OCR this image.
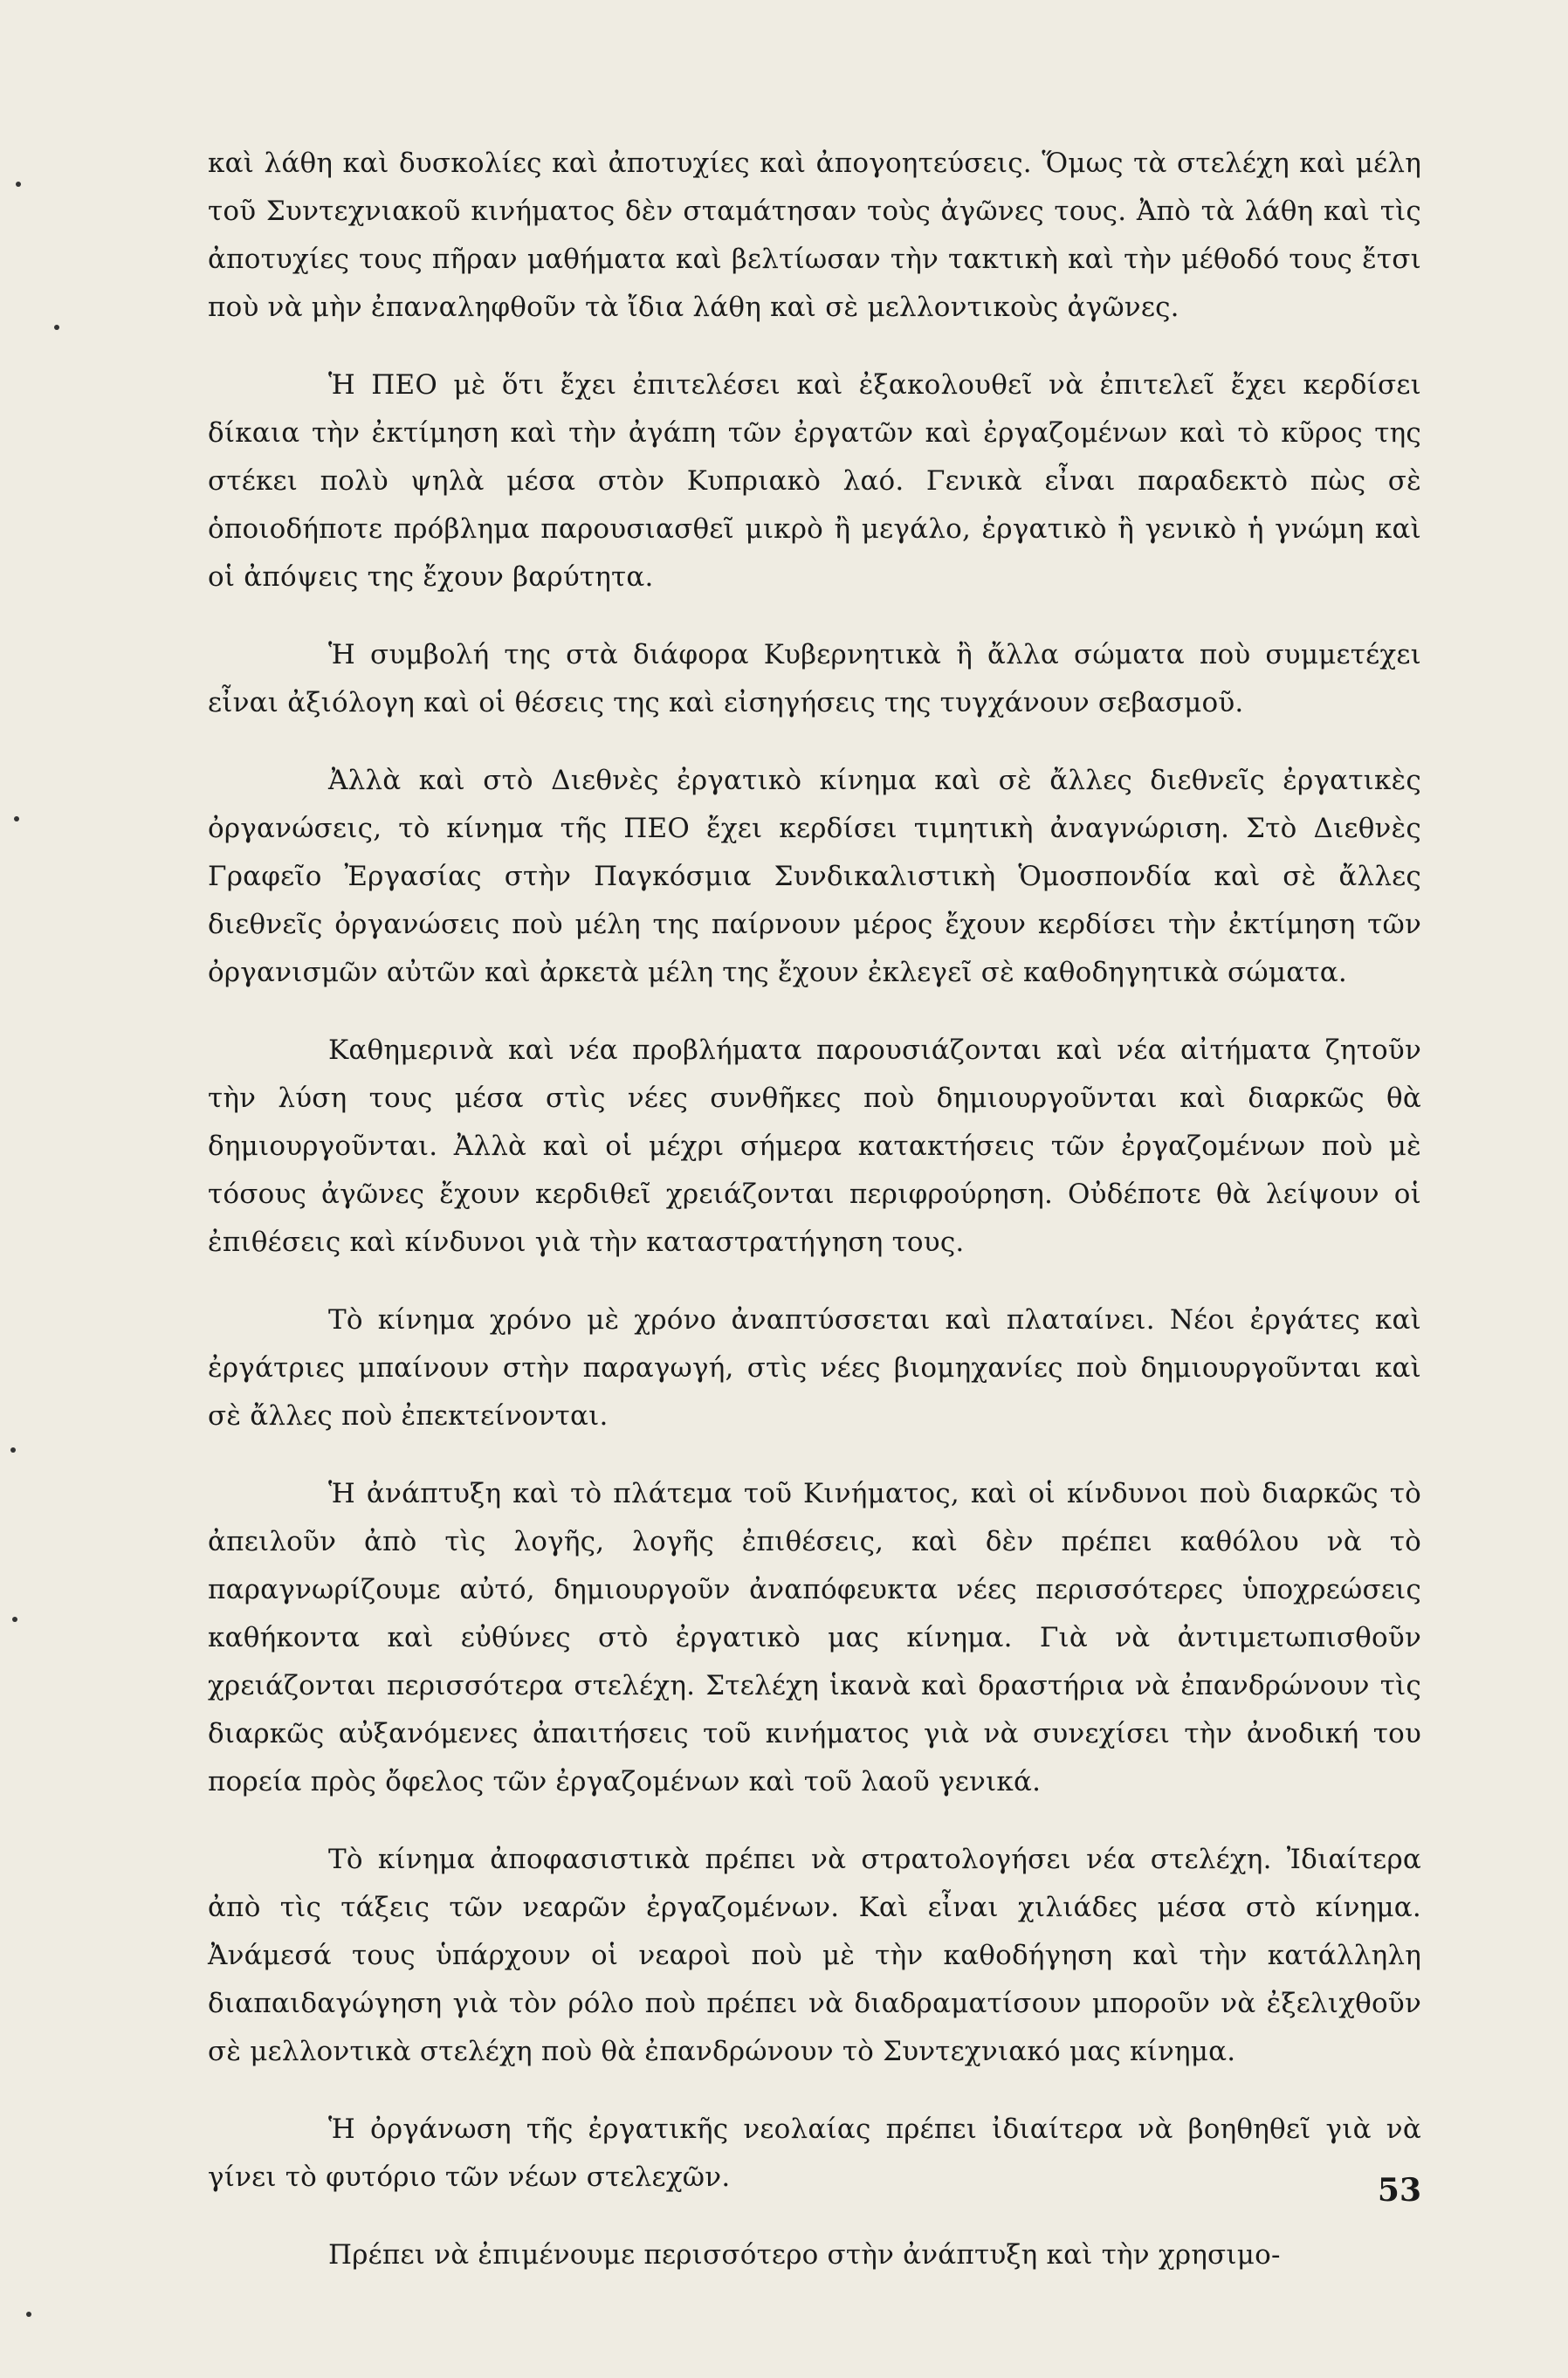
καὶ λάθη καὶ δυσκολίες καὶ ἀποτυχίες καὶ ἀπογοητεύσεις. Ὅμως τὰ στελέχη καὶ μέλη τοῦ Συντεχνιακοῦ κινήματος δὲν σταμάτησαν τοὺς ἀγῶνες τους. Ἀπὸ τὰ λάθη καὶ τὶς ἀποτυχίες τους πῆραν μαθήματα καὶ βελτίωσαν τὴν τακτικὴ καὶ τὴν μέθοδό τους ἔτσι ποὺ νὰ μὴν ἐπαναληφθοῦν τὰ ἴδια λάθη καὶ σὲ μελλοντικοὺς ἀγῶνες.

Ἡ ΠΕΟ μὲ ὅτι ἔχει ἐπιτελέσει καὶ ἐξακολουθεῖ νὰ ἐπιτελεῖ ἔχει κερδίσει δίκαια τὴν ἐκτίμηση καὶ τὴν ἀγάπη τῶν ἐργατῶν καὶ ἐργαζομένων καὶ τὸ κῦρος της στέκει πολὺ ψηλὰ μέσα στὸν Κυπριακὸ λαό. Γενικὰ εἶναι παραδεκτὸ πὼς σὲ ὁποιοδήποτε πρόβλημα παρουσιασθεῖ μικρὸ ἢ μεγάλο, ἐργατικὸ ἢ γενικὸ ἡ γνώμη καὶ οἱ ἀπόψεις της ἔχουν βαρύτητα.

Ἡ συμβολή της στὰ διάφορα Κυβερνητικὰ ἢ ἄλλα σώματα ποὺ συμμετέχει εἶναι ἀξιόλογη καὶ οἱ θέσεις της καὶ εἰσηγήσεις της τυγχάνουν σεβασμοῦ.

Ἀλλὰ καὶ στὸ Διεθνὲς ἐργατικὸ κίνημα καὶ σὲ ἄλλες διεθνεῖς ἐργατικὲς ὀργανώσεις, τὸ κίνημα τῆς ΠΕΟ ἔχει κερδίσει τιμητικὴ ἀναγνώριση. Στὸ Διεθνὲς Γραφεῖο Ἐργασίας στὴν Παγκόσμια Συνδικαλιστικὴ Ὁμοσπονδία καὶ σὲ ἄλλες διεθνεῖς ὀργανώσεις ποὺ μέλη της παίρνουν μέρος ἔχουν κερδίσει τὴν ἐκτίμηση τῶν ὀργανισμῶν αὐτῶν καὶ ἀρκετὰ μέλη της ἔχουν ἐκλεγεῖ σὲ καθοδηγητικὰ σώματα.

Καθημερινὰ καὶ νέα προβλήματα παρουσιάζονται καὶ νέα αἰτήματα ζητοῦν τὴν λύση τους μέσα στὶς νέες συνθῆκες ποὺ δημιουργοῦνται καὶ διαρκῶς θὰ δημιουργοῦνται. Ἀλλὰ καὶ οἱ μέχρι σήμερα κατακτήσεις τῶν ἐργαζομένων ποὺ μὲ τόσους ἀγῶνες ἔχουν κερδιθεῖ χρειάζονται περιφρούρηση. Οὐδέποτε θὰ λείψουν οἱ ἐπιθέσεις καὶ κίνδυνοι γιὰ τὴν καταστρατήγηση τους.

Τὸ κίνημα χρόνο μὲ χρόνο ἀναπτύσσεται καὶ πλαταίνει. Νέοι ἐργάτες καὶ ἐργάτριες μπαίνουν στὴν παραγωγή, στὶς νέες βιομηχανίες ποὺ δημιουργοῦνται καὶ σὲ ἄλλες ποὺ ἐπεκτείνονται.

Ἡ ἀνάπτυξη καὶ τὸ πλάτεμα τοῦ Κινήματος, καὶ οἱ κίνδυνοι ποὺ διαρκῶς τὸ ἀπειλοῦν ἀπὸ τὶς λογῆς, λογῆς ἐπιθέσεις, καὶ δὲν πρέπει καθόλου νὰ τὸ παραγνωρίζουμε αὐτό, δημιουργοῦν ἀναπόφευκτα νέες περισσότερες ὑποχρεώσεις καθήκοντα καὶ εὐθύνες στὸ ἐργατικὸ μας κίνημα. Γιὰ νὰ ἀντιμετωπισθοῦν χρειάζονται περισσότερα στελέχη. Στελέχη ἱκανὰ καὶ δραστήρια νὰ ἐπανδρώνουν τὶς διαρκῶς αὐξανόμενες ἀπαιτήσεις τοῦ κινήματος γιὰ νὰ συνεχίσει τὴν ἀνοδική του πορεία πρὸς ὄφελος τῶν ἐργαζομένων καὶ τοῦ λαοῦ γενικά.

Τὸ κίνημα ἀποφασιστικὰ πρέπει νὰ στρατολογήσει νέα στελέχη. Ἰδιαίτερα ἀπὸ τὶς τάξεις τῶν νεαρῶν ἐργαζομένων. Καὶ εἶναι χιλιάδες μέσα στὸ κίνημα. Ἀνάμεσά τους ὑπάρχουν οἱ νεαροὶ ποὺ μὲ τὴν καθοδήγηση καὶ τὴν κατάλληλη διαπαιδαγώγηση γιὰ τὸν ρόλο ποὺ πρέπει νὰ διαδραματίσουν μποροῦν νὰ ἐξελιχθοῦν σὲ μελλοντικὰ στελέχη ποὺ θὰ ἐπανδρώνουν τὸ Συντεχνιακό μας κίνημα.

Ἡ ὀργάνωση τῆς ἐργατικῆς νεολαίας πρέπει ἰδιαίτερα νὰ βοηθηθεῖ γιὰ νὰ γίνει τὸ φυτόριο τῶν νέων στελεχῶν.

Πρέπει νὰ ἐπιμένουμε περισσότερο στὴν ἀνάπτυξη καὶ τὴν χρησιμο-

53
